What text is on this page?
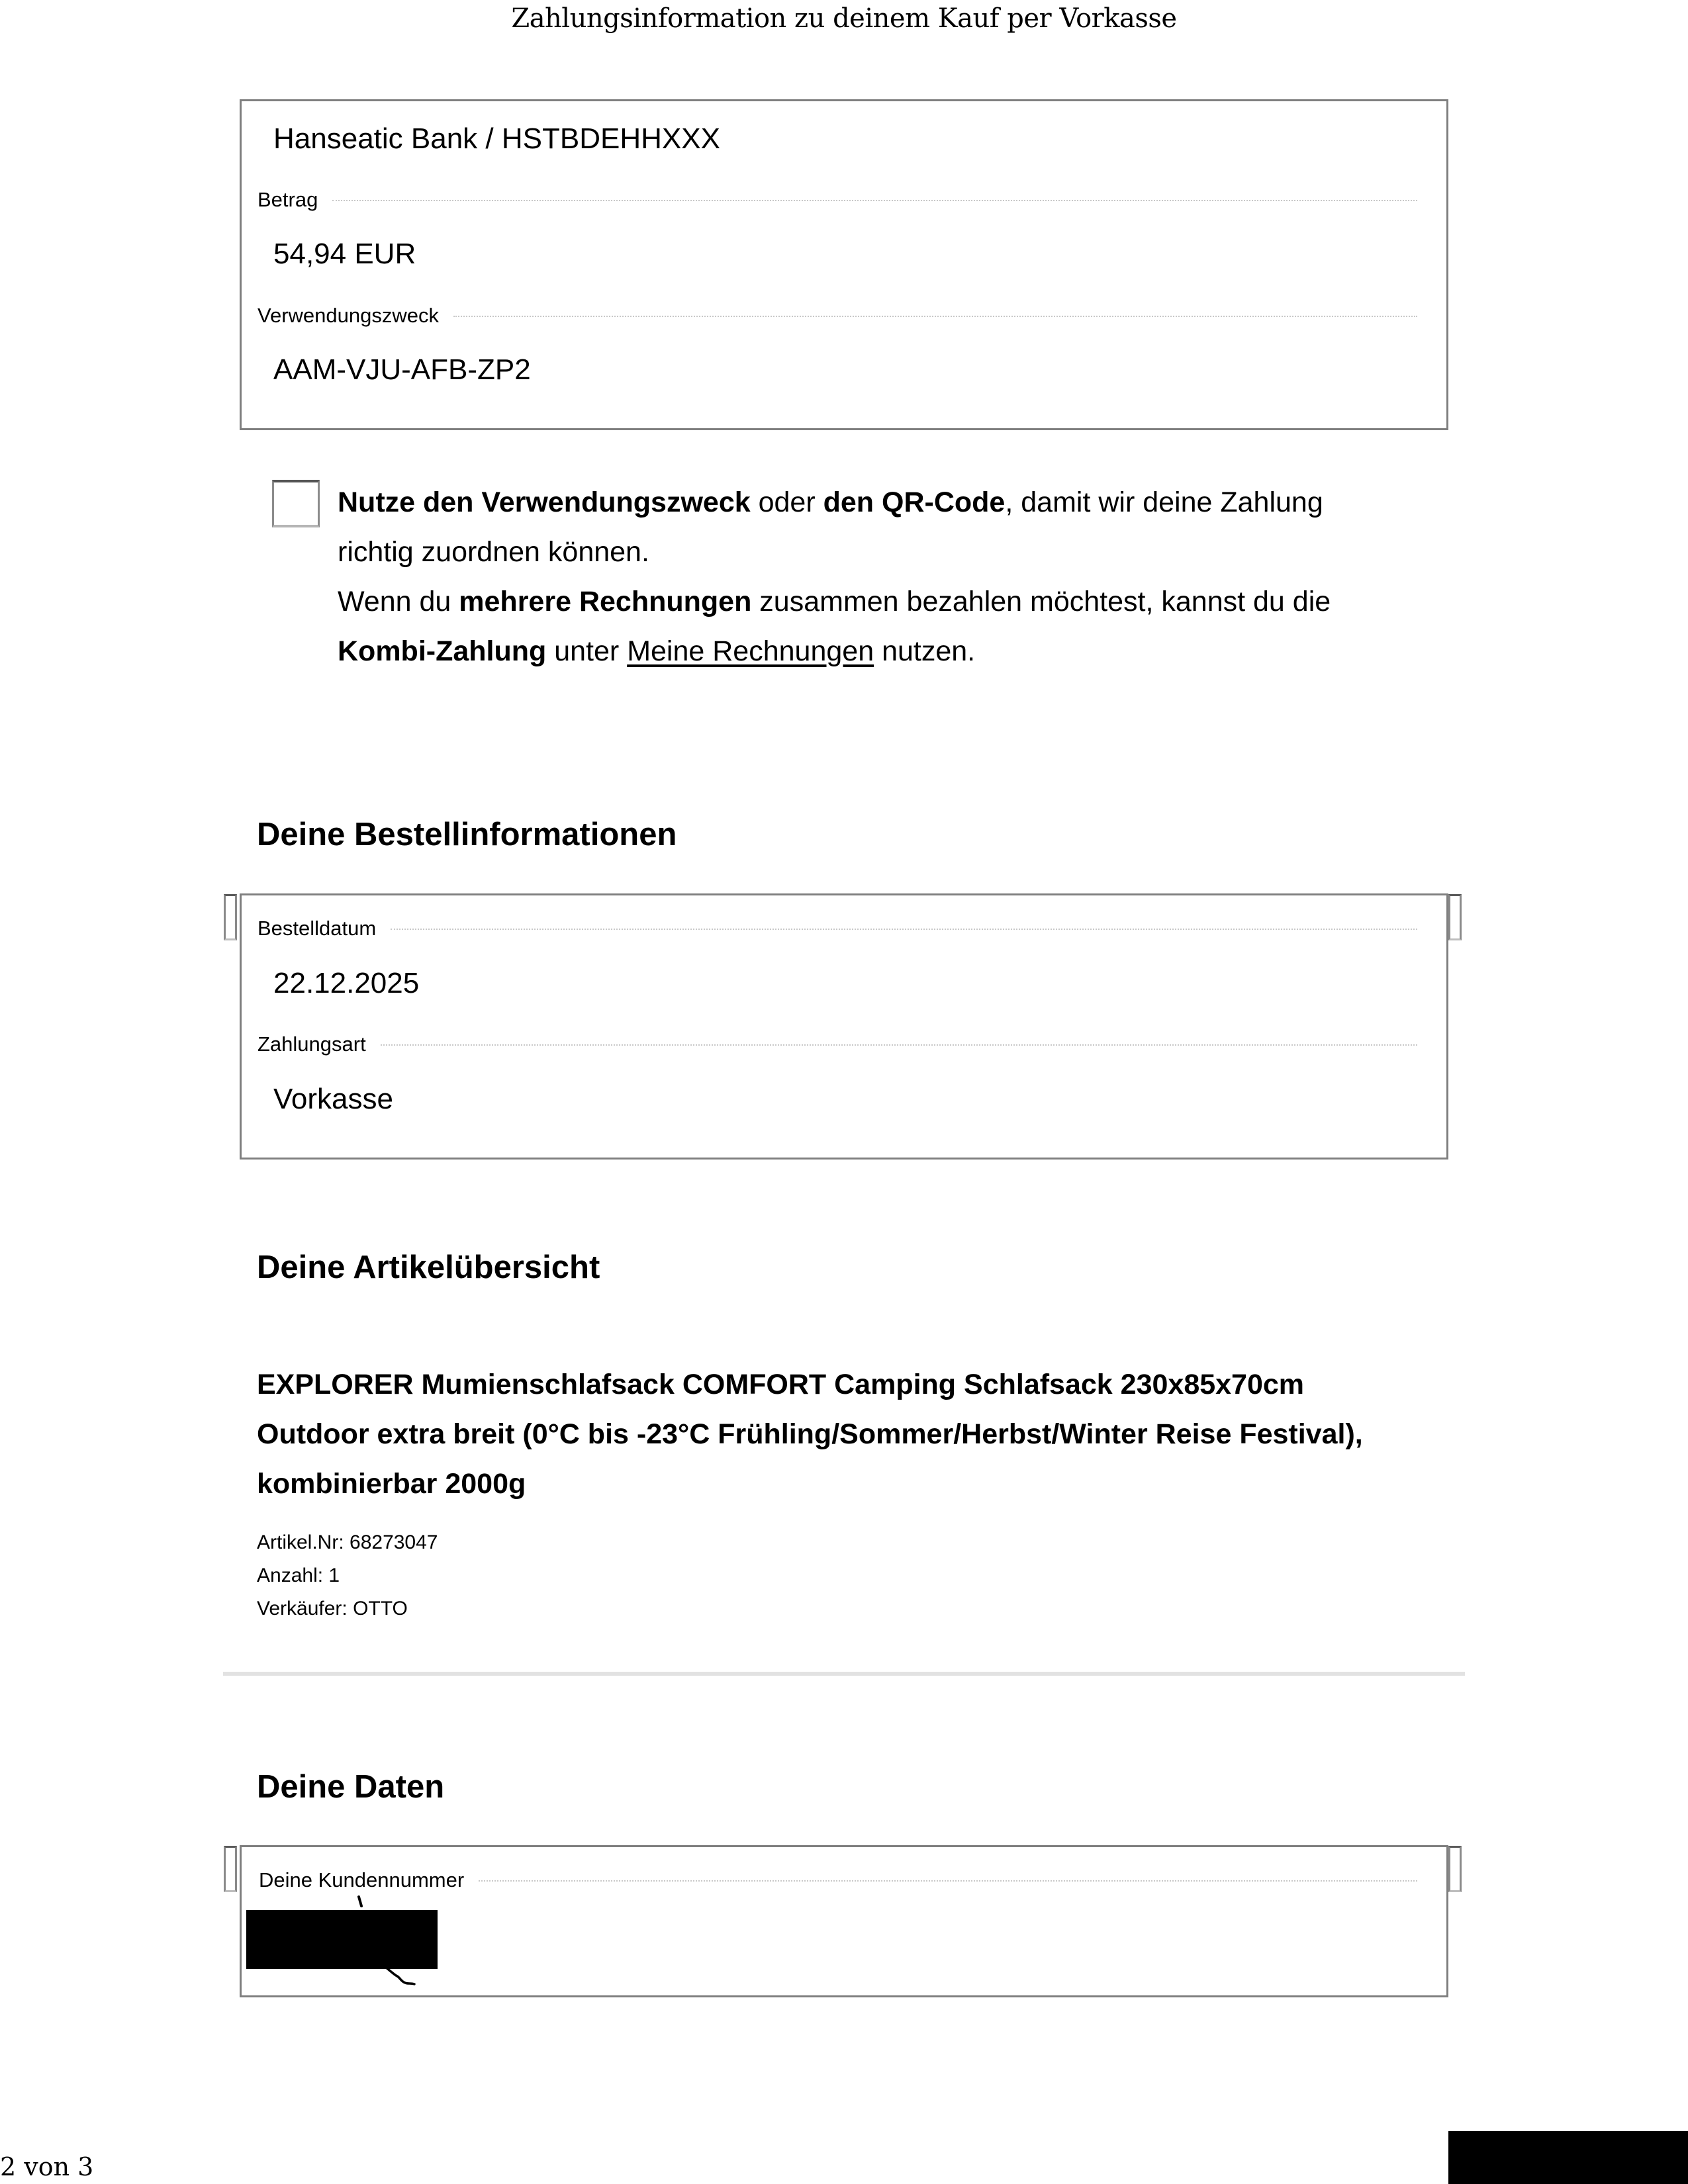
Zahlungsinformation zu deinem Kauf per Vorkasse
Hanseatic Bank / HSTBDEHHXXX
Betrag
54,94 EUR
Verwendungszweck
AAM-VJU-AFB-ZP2
Nutze den Verwendungszweck oder den QR-Code, damit wir deine Zahlung richtig zuordnen können.
Wenn du mehrere Rechnungen zusammen bezahlen möchtest, kannst du die Kombi-Zahlung unter Meine Rechnungen nutzen.
Deine Bestellinformationen
Bestelldatum
22.12.2025
Zahlungsart
Vorkasse
Deine Artikelübersicht
EXPLORER Mumienschlafsack COMFORT Camping Schlafsack 230x85x70cm Outdoor extra breit (0°C bis -23°C Frühling/Sommer/Herbst/Winter Reise Festival), kombinierbar 2000g
Artikel.Nr: 68273047
Anzahl: 1
Verkäufer: OTTO
Deine Daten
Deine Kundennummer
2 von 3
